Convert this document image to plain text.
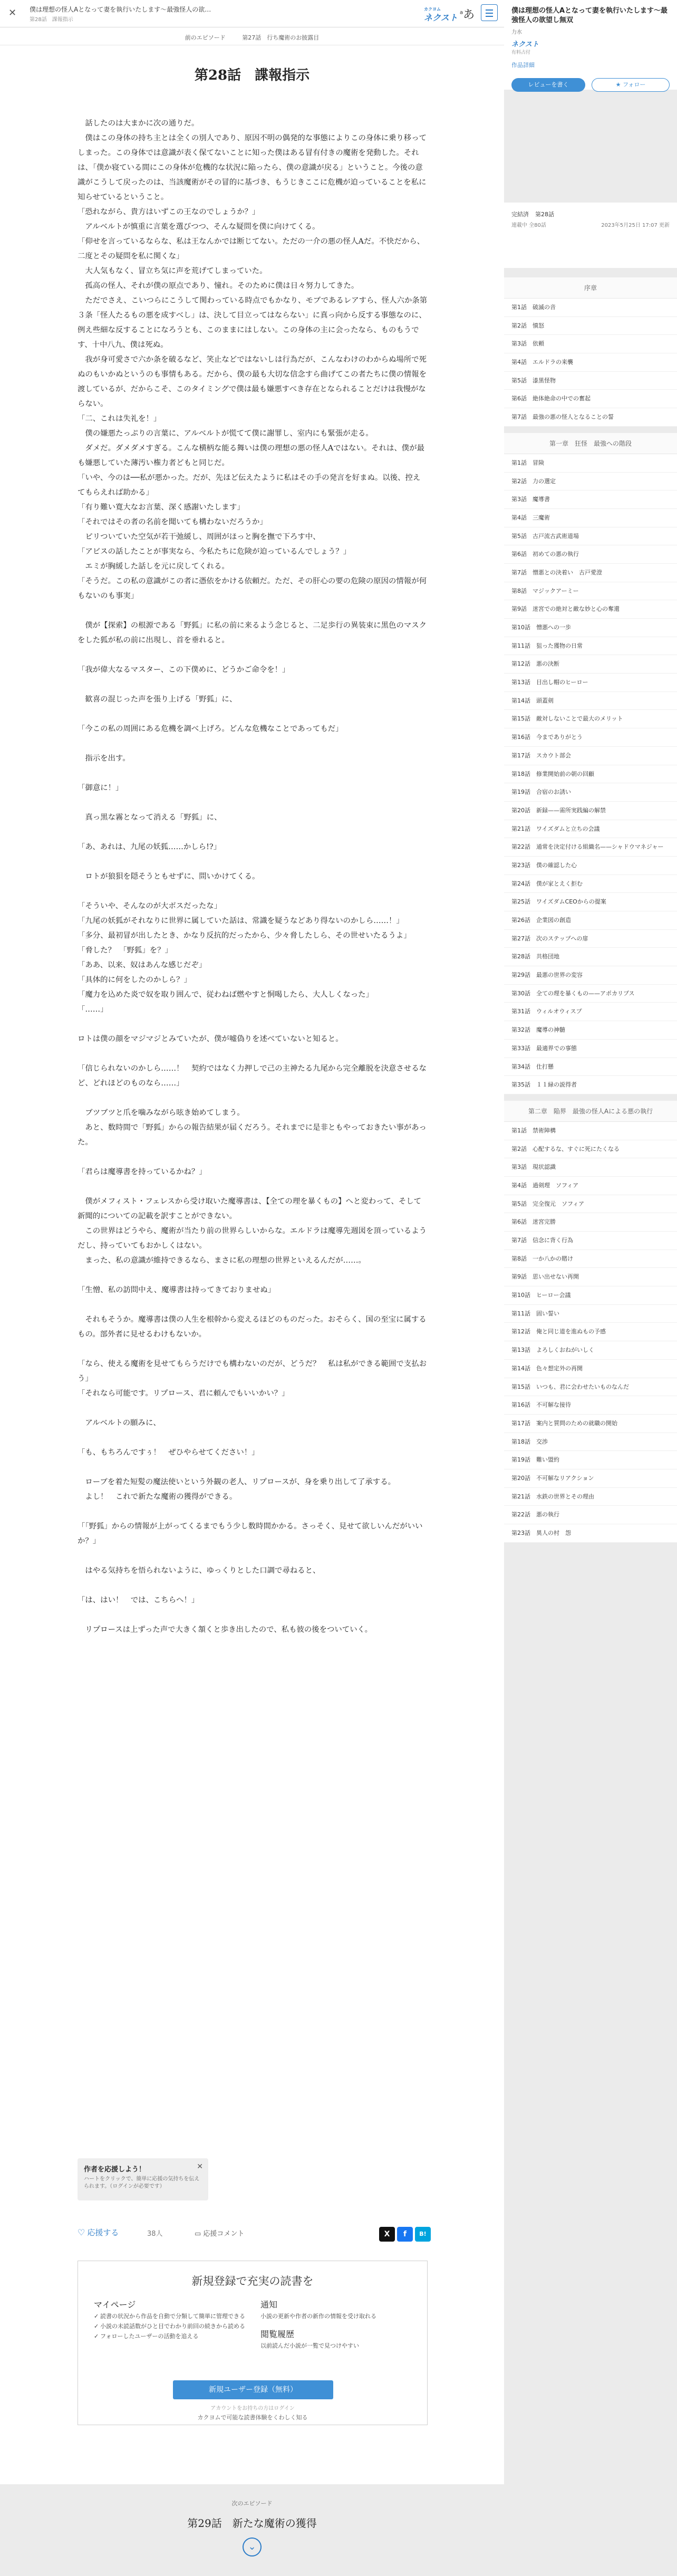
✕ 僕は理想の怪人Aとなって妻を執行いたします〜最強怪人の欲…
第28話　課報指示
カクヨム
ネクスト $^a$あ
前のエピソード	第27話　行ち魔術のお披露目
第28話　諜報指示

　話したのは大まかに次の通りだ。

　僕はこの身体の持ち主とは全くの別人であり、原因不明の偶発的な事態によりこの身体に乗り移ってしまった。この身体では意識が表く保てないことに知った僕はある冒有付きの魔術を発動した。それは、「僕か寝ている間にこの身体が危機的な状況に陥ったら、僕の意識が戻る」ということ。今後の意識がこうして戻ったのは、当該魔術がその冒的に基づき、もうじきここに危機が迫っていることを私に知らせているということ。

「恐れながら、貴方はいずこの王なのでしょうか？」

　アルベルトが慎重に言葉を選びつつ、そんな疑問を僕に向けてくる。

「仰せを言っているならな、私は王なんかでは断じてない。ただの一介の悪の怪人Aだ。不快だから、二度とその疑問を私に関くな」

　大人気もなく、冒立ち気に声を荒げてしまっていた。

　孤高の怪人、それが僕の原点であり、憧れ。そのために僕は日々努力してきた。

　ただでさえ、こいつらにこうして関わっている時点でもかなり、モブであるレアすら、怪人六か条第３条「怪人たるもの悪を成すべし」は、決して目立ってはならない」に真っ向から反する事態なのに、例え些細な反することになろうとも、このままにはしない。この身体の主に会ったなら、ものもうです、十中八九、僕は死ぬ。

　我が身可愛さで六か条を破るなど、笑止などではないしは行為だが、こんなわけのわからぬ場所で死ぬのもいかぬというのも事情もある。だから、僕の最も大切な信念すら曲げてこの者たちに僕の情報を渡しているが、だからこそ、このタイミングで僕は最も嫌悪すべき存在となられることだけは我慢がならない。

「二、これは失礼を！」

　僕の嫌悪たっぷりの言葉に、アルベルトが慌てて僕に謝罪し、室内にも緊張が走る。

　ダメだ。ダメダメすぎる。こんな横柄な能る舞いは僕の理想の悪の怪人Aではない。それは、僕が最も嫌悪していた薄汚い権力者どもと同じだ。

「いや、今のは──私が悪かった。だが、先ほど伝えたように私はその手の発言を好まぬ。以後、控えてもらえれば助かる」

「有り難い寛大なお言葉、深く感謝いたします」

「それではその者の名前を聞いても構わないだろうか」

　ピリついていた空気が若干弛緩し、周囲がほっと胸を撫で下ろす中、

「アビスの話したことが事実なら、今私たちに危険が迫っているんでしょう？」

　エミが胸緩した話しを元に戻してくれる。

「そうだ。この私の意識がこの者に憑依をかける依頼だ。ただ、その肝心の要の危険の原因の情報が何もないのも事実」

　僕が【探索】の根源である「野狐」に私の前に来るよう念じると、二足歩行の異装束に黒色のマスクをした狐が私の前に出現し、首を垂れると。

「我が偉大なるマスター、この下僕めに、どうかご命令を！」

　歓喜の混じった声を張り上げる「野狐」に、

「今この私の周囲にある危機を調べ上げろ。どんな危機なことであってもだ」

　指示を出す。

「御意に！」

　真っ黒な霧となって消える「野狐」に、

「あ、あれは、九尾の妖狐……かしら!?」

　ロトが狼狽を隠そうともせずに、問いかけてくる。

「そういや、そんなのが大ボスだったな」

「九尾の妖狐がそれなりに世界に属していた話は、常識を疑うなどあり得ないのかしら……！」

「多分、最初冒が出したとき、かなり反抗的だったから、少々脅したしら、その世せいたるうよ」

「脅した？　「野狐」を？」

「ああ、以来、奴はあんな感じだぞ」

「具体的に何をしたのかしら？」

「魔力を込めた炎で奴を取り囲んで、従わねば燃やすと恫喝したら、大人しくなった」

「……」

ロトは僕の顔をマジマジとみていたが、僕が嘘偽りを述べていないと知ると。

「信じられないのかしら……！　契約ではなく力押しで己の主神たる九尾から完全離脱を決意させるなど、どれほどのものなら……」

　ブツブツと爪を噛みながら呟き始めてしまう。

　あと、数時間で「野狐」からの報告結果が届くだろう。それまでに是非ともやっておきたい事があった。

「君らは魔導書を持っているかね？」

　僕がメフィスト・フェレスから受け取いた魔導書は、【全ての理を暴くもの】へと変わって、そして新聞的についての記載を訳すことができない。

　この世界はどうやら、魔術が当たり前の世界らしいからな。エルドラは魔導先週図を頂っているようだし、持っていてもおかしくはない。

　まった、私の意識が維持できるなら、まさに私の理想の世界といえるんだが……。

「生憎、私の訪問中え、魔導書は持ってきておりませぬ」

　それもそうか。魔導書は僕の人生を根幹から変えるほどのものだった。おそらく、国の至宝に属するもの。部外者に見せるわけもないか。

「なら、使える魔術を見せてもらうだけでも構わないのだが、どうだ？　私は私ができる範囲で支払おう」

「それなら可能です。リプロース、君に頼んでもいいかい？」

　アルベルトの願みに、

「も、もちろんですぅ！　ぜひやらせてください！」

　ローブを着た短髪の魔法使いという外観の老人、リプロースが、身を乗り出して了承する。

　よし！　これで新たな魔術の獲得ができる。

「「野狐」からの情報が上がってくるまでもう少し数時間かかる。さっそく、見せて欲しいんだがいいか？」

　はやる気持ちを悟られないように、ゆっくりとした口調で尋ねると、

「は、はい！　では、こちらへ！」

　リプロースは上ずった声で大きく頷くと歩き出したので、私も彼の後をついていく。

作者を応援しよう！
ハートをクリックで、簡単に応援の気持ちを伝えられます。（ログインが必要です）
✕
♡ 応援する	38人	▭ 応援コメント	X	f	B!
新規登録で充実の読書を
マイページ
✓ 読書の状況から作品を自動で分類して簡単に管理できる
✓ 小説の未読話数がひと目でわかり前回の続きから読める
✓ フォローしたユーザーの活動を追える
通知
小説の更新や作者の新作の情報を受け取れる
閲覧履歴
以前読んだ小説が一覧で見つけやすい
新規ユーザー登録（無料）
アカウントをお持ちの方はログイン
カクヨムで可能な読書体験をくわしく知る
次のエピソード
第29話　新たな魔術の獲得
⌄
僕は理想の怪人Aとなって妻を執行いたします〜最強怪人の欲望し無双
力水
ネクスト
有料占付
作品詳細
レビューを書く	★ フォロー
完結済 第28話
2023年5月25日 17:07 更新
連載中 全80話
序章
第1話　破滅の音
第2話　憤怒
第3話　依頼
第4話　エルドラの来襲
第5話　漆黒怪物
第6話　絶体絶命の中での奮起
第7話　最強の悪の怪人となることの誓
第一章　狂怪　最強への階段
第1話　冒険
第2話　力の選定
第3話　魔導書
第4話　三魔術
第5話　古戸流古武術道場
第6話　初めての悪の執行
第7話　憎悪との決着い　古戸愛澄
第8話　マジックアーミー
第9話　迷宮での絶対と敵な妙と心の奪還
第10話　憎悪への一歩
第11話　狙った獲物の日常
第12話　悪の決断
第13話　目出し帽のヒーロー
第14話　頭蓋剣
第15話　敵対しないことで最大のメリット
第16話　今までありがとう
第17話　スカウト部会
第18話　修業開始前の朝の回顧
第19話　合宿のお誘い
第20話　新録——需所実践編の解禁
第21話　ワイズダムと立ちの会議
第22話　通常を決定付ける組織名——シャドウマネジャー
第23話　僕の確認した心
第24話　僕が家とえく拒む
第25話　ワイズダムCEOからの提案
第26話　企業図の創造
第27話　次のステップへの扉
第28話　共格団地
第29話　最悪の世界の変容
第30話　全ての理を暴くもの——アポカリプス
第31話　ウィルオウィスプ
第32話　魔導の神髄
第33話　最適界での事態
第34話　仕打懸
第35話　１１緑の説得者
第二章　陥界　最強の怪人Aによる悪の執行
第1話　禁術陣構
第2話　心配するな、すぐに死にたくなる
第3話　現状認識
第4話　過剣理　ソフィア
第5話　完全復元　ソフィア
第6話　迷宮完勝
第7話　信念に背く行為
第8話　一か八かの賭け
第9話　思い出せない再開
第10話　ヒーロー会議
第11話　固い誓い
第12話　俺と同じ道を進ぬもの予感
第13話　よろしくおねがいしく
第14話　色々想定外の再開
第15話　いつも、君に会わせたいものなんだ
第16話　不可解な接待
第17話　案内と質問のための就職の開始
第18話　交渉
第19話　難い盟約
第20話　不可解なリアクション
第21話　水鉄の世界とその理由
第22話　悪の執行
第23話　異人の村　怨
